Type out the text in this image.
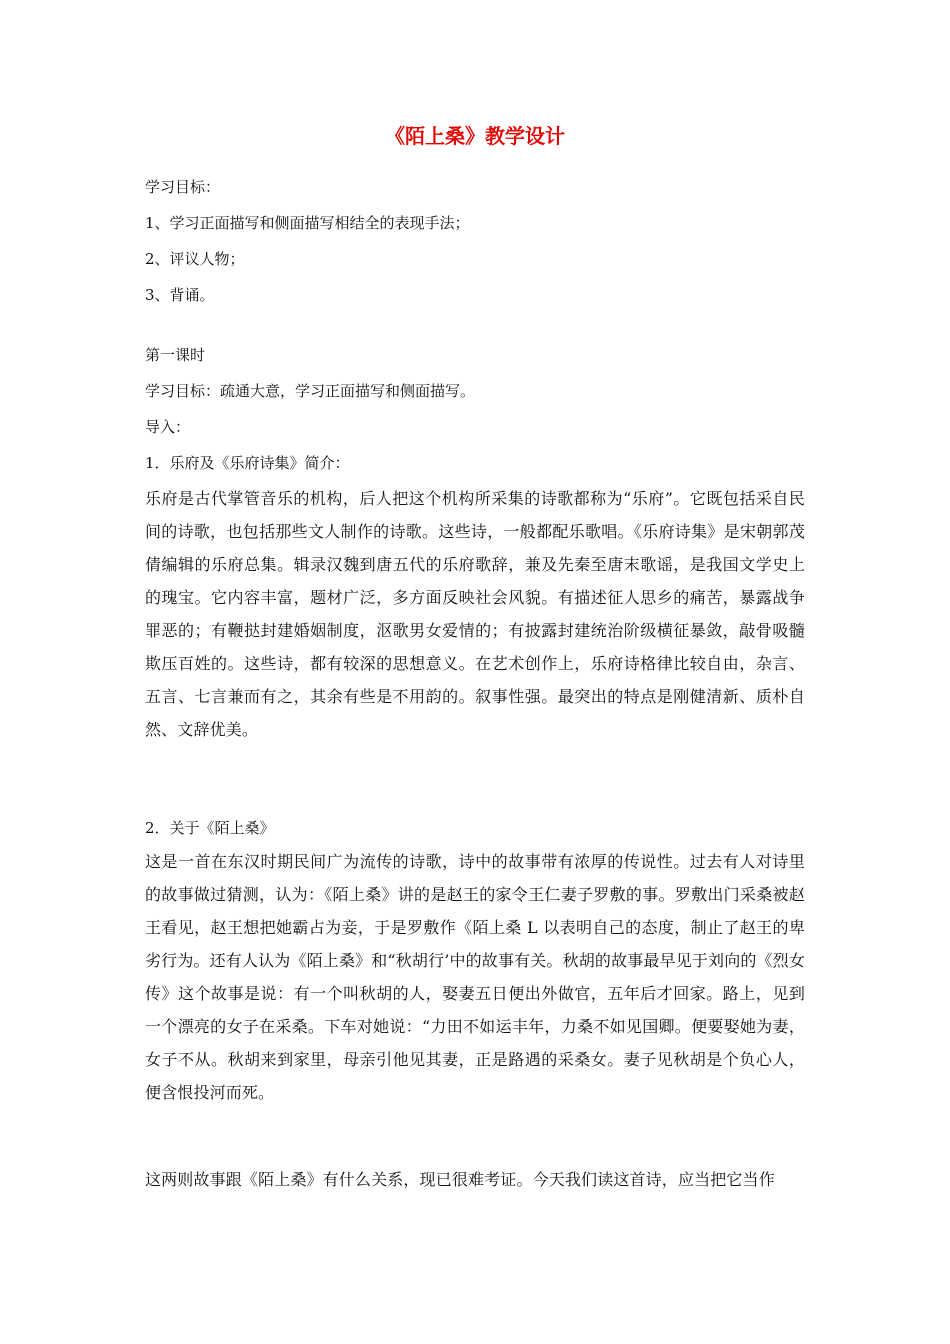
《陌上桑》教学设计

学习目标：

1、学习正面描写和侧面描写相结全的表现手法；

2、评议人物；

3、背诵。

第一课时

学习目标：疏通大意，学习正面描写和侧面描写。

导入：

1．乐府及《乐府诗集》简介：

乐府是古代掌管音乐的机构，后人把这个机构所采集的诗歌都称为“乐府”。它既包括采自民间的诗歌，也包括那些文人制作的诗歌。这些诗，一般都配乐歌唱。《乐府诗集》是宋朝郭茂倩编辑的乐府总集。辑录汉魏到唐五代的乐府歌辞，兼及先秦至唐末歌谣，是我国文学史上的瑰宝。它内容丰富，题材广泛，多方面反映社会风貌。有描述征人思乡的痛苦，暴露战争罪恶的；有鞭挞封建婚姻制度，沤歌男女爱情的；有披露封建统治阶级横征暴敛，敲骨吸髓欺压百姓的。这些诗，都有较深的思想意义。在艺术创作上，乐府诗格律比较自由，杂言、五言、七言兼而有之，其余有些是不用韵的。叙事性强。最突出的特点是刚健清新、质朴自然、文辞优美。

2．关于《陌上桑》

这是一首在东汉时期民间广为流传的诗歌，诗中的故事带有浓厚的传说性。过去有人对诗里的故事做过猜测，认为：《陌上桑》讲的是赵王的家令王仁妻子罗敷的事。罗敷出门采桑被赵王看见，赵王想把她霸占为妾，于是罗敷作《陌上桑 L 以表明自己的态度，制止了赵王的卑劣行为。还有人认为《陌上桑》和“秋胡行’中的故事有关。秋胡的故事最早见于刘向的《烈女传》这个故事是说：有一个叫秋胡的人，娶妻五日便出外做官，五年后才回家。路上，见到一个漂亮的女子在采桑。下车对她说：“力田不如运丰年，力桑不如见国卿。便要娶她为妻，女子不从。秋胡来到家里，母亲引他见其妻，正是路遇的采桑女。妻子见秋胡是个负心人，便含恨投河而死。

这两则故事跟《陌上桑》有什么关系，现已很难考证。今天我们读这首诗，应当把它当作
